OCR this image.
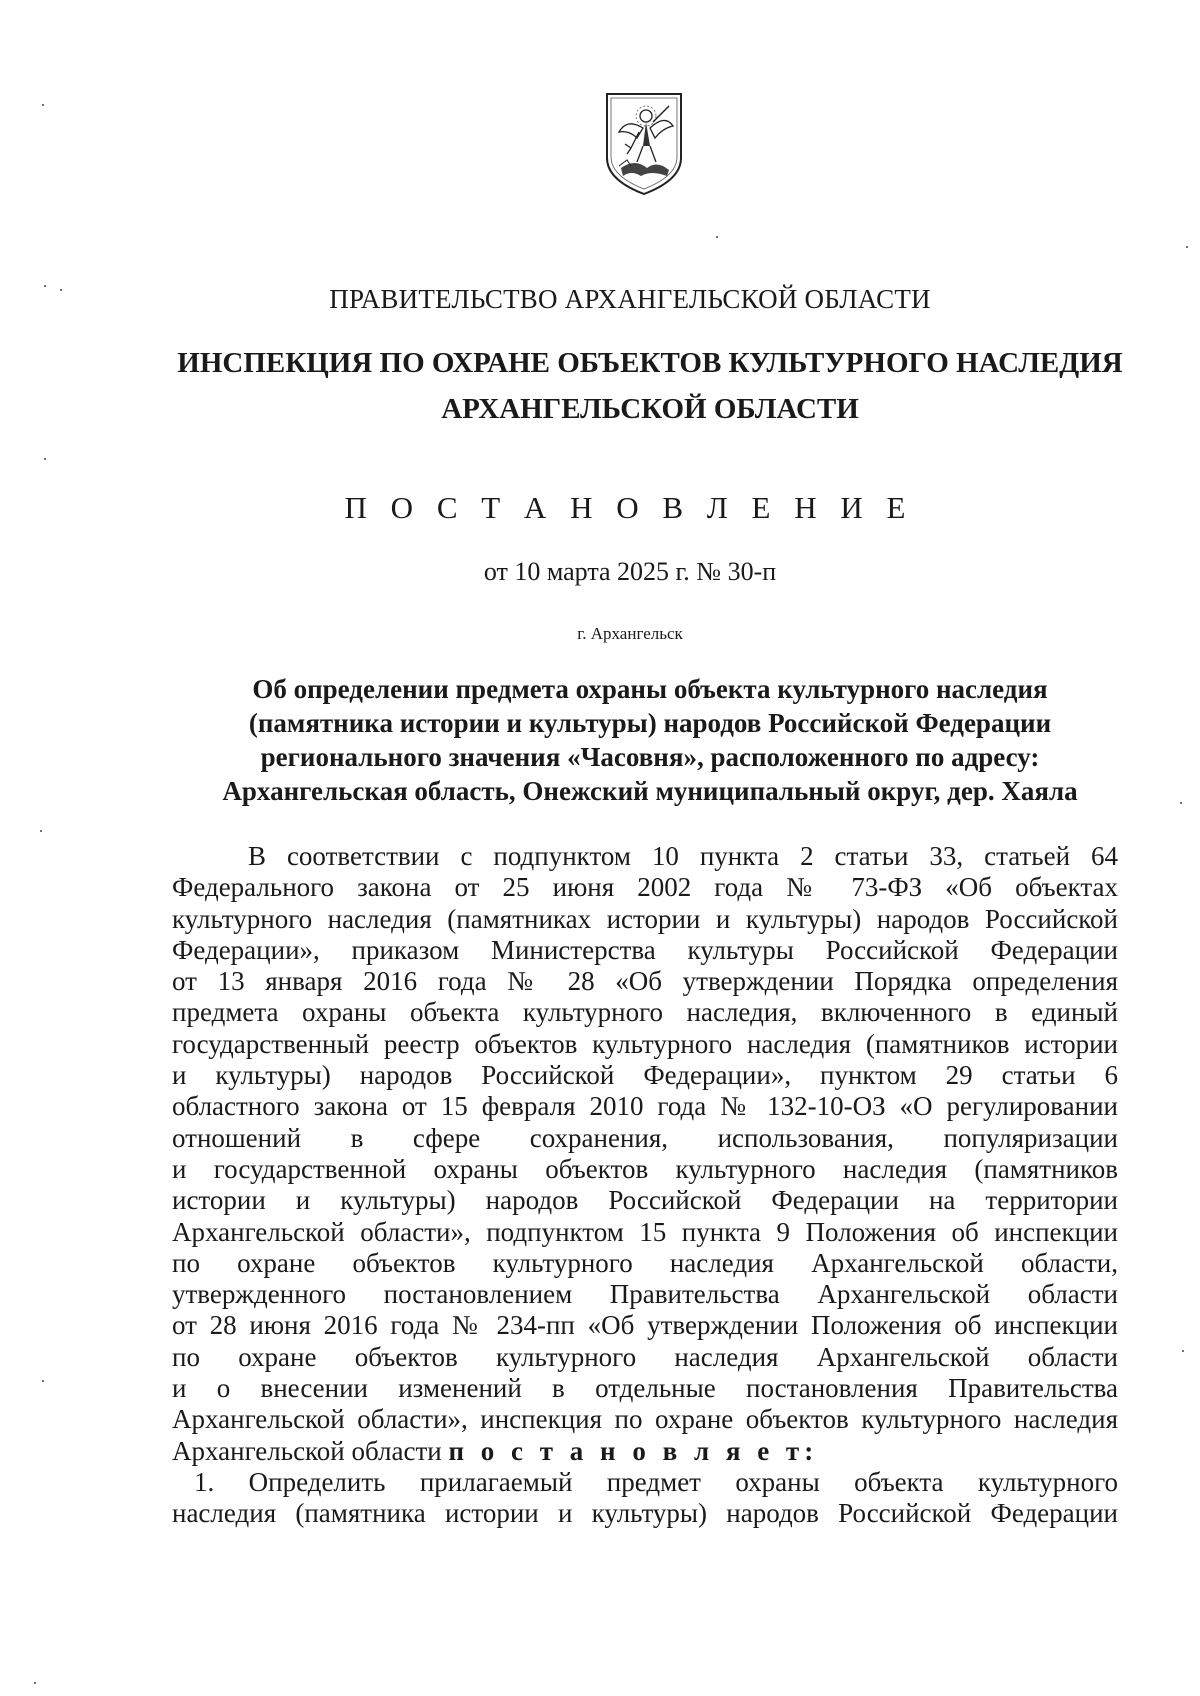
ПРАВИТЕЛЬСТВО АРХАНГЕЛЬСКОЙ ОБЛАСТИ
ИНСПЕКЦИЯ ПО ОХРАНЕ ОБЪЕКТОВ КУЛЬТУРНОГО НАСЛЕДИЯ
АРХАНГЕЛЬСКОЙ ОБЛАСТИ
П О С Т А Н О В Л Е Н И Е
от 10 марта 2025 г. № 30-п
г. Архангельск
Об определении предмета охраны объекта культурного наследия
(памятника истории и культуры) народов Российской Федерации
регионального значения «Часовня», расположенного по адресу:
Архангельская область, Онежский муниципальный округ, дер. Хаяла
В соответствии с подпунктом 10 пункта 2 статьи 33, статьей 64
Федерального закона от 25 июня 2002 года № 73-ФЗ «Об объектах
культурного наследия (памятниках истории и культуры) народов Российской
Федерации», приказом Министерства культуры Российской Федерации
от 13 января 2016 года № 28 «Об утверждении Порядка определения
предмета охраны объекта культурного наследия, включенного в единый
государственный реестр объектов культурного наследия (памятников истории
и культуры) народов Российской Федерации», пунктом 29 статьи 6
областного закона от 15 февраля 2010 года № 132-10-ОЗ «О регулировании
отношений в сфере сохранения, использования, популяризации
и государственной охраны объектов культурного наследия (памятников
истории и культуры) народов Российской Федерации на территории
Архангельской области», подпунктом 15 пункта 9 Положения об инспекции
по охране объектов культурного наследия Архангельской области,
утвержденного постановлением Правительства Архангельской области
от 28 июня 2016 года № 234-пп «Об утверждении Положения об инспекции
по охране объектов культурного наследия Архангельской области
и о внесении изменений в отдельные постановления Правительства
Архангельской области», инспекция по охране объектов культурного наследия
Архангельской области п о с т а н о в л я е т:
1. Определить прилагаемый предмет охраны объекта культурного
наследия (памятника истории и культуры) народов Российской Федерации
